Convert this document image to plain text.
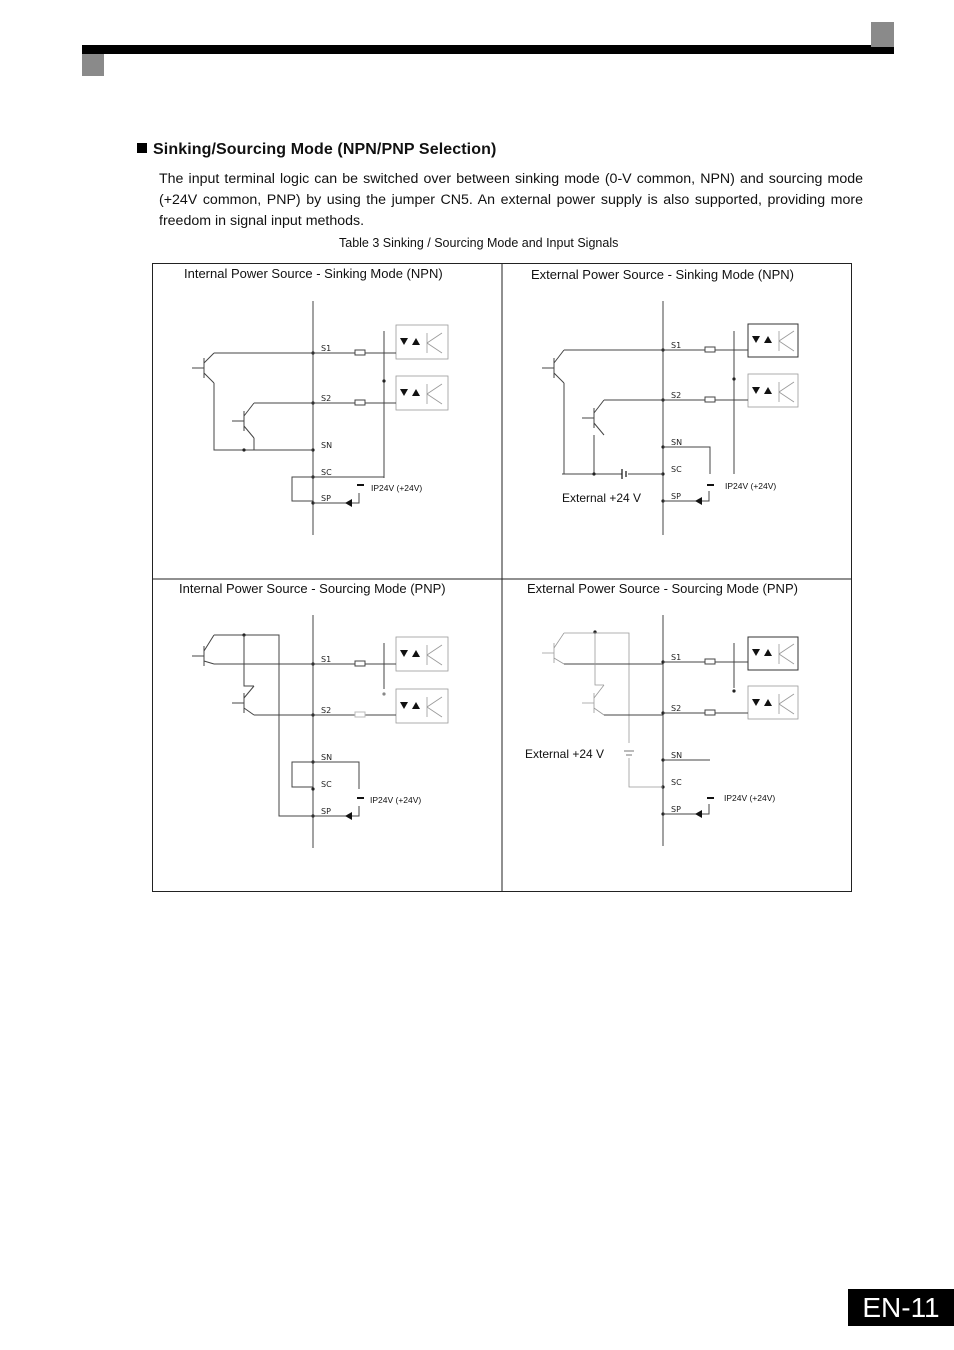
Sinking/Sourcing Mode (NPN/PNP Selection)
The input terminal logic can be switched over between sinking mode (0-V common, NPN) and sourcing mode (+24V common, PNP) by using the jumper CN5. An external power supply is also supported, providing more freedom in signal input methods.
Table 3 Sinking / Sourcing Mode and Input Signals
Internal Power Source - Sinking Mode (NPN)	External Power Source - Sinking Mode (NPN)
Internal Power Source - Sourcing Mode (PNP)	External Power Source - Sourcing Mode (PNP)
S1
S2
SN
SC
SP
IP24V (+24V)
S1
S2
SN
SC
SP
External +24 V
IP24V (+24V)
S1
S2
SN
SC
SP
IP24V (+24V)
S1
S2
SN
SC
SP
External +24 V
IP24V (+24V)
EN-11
